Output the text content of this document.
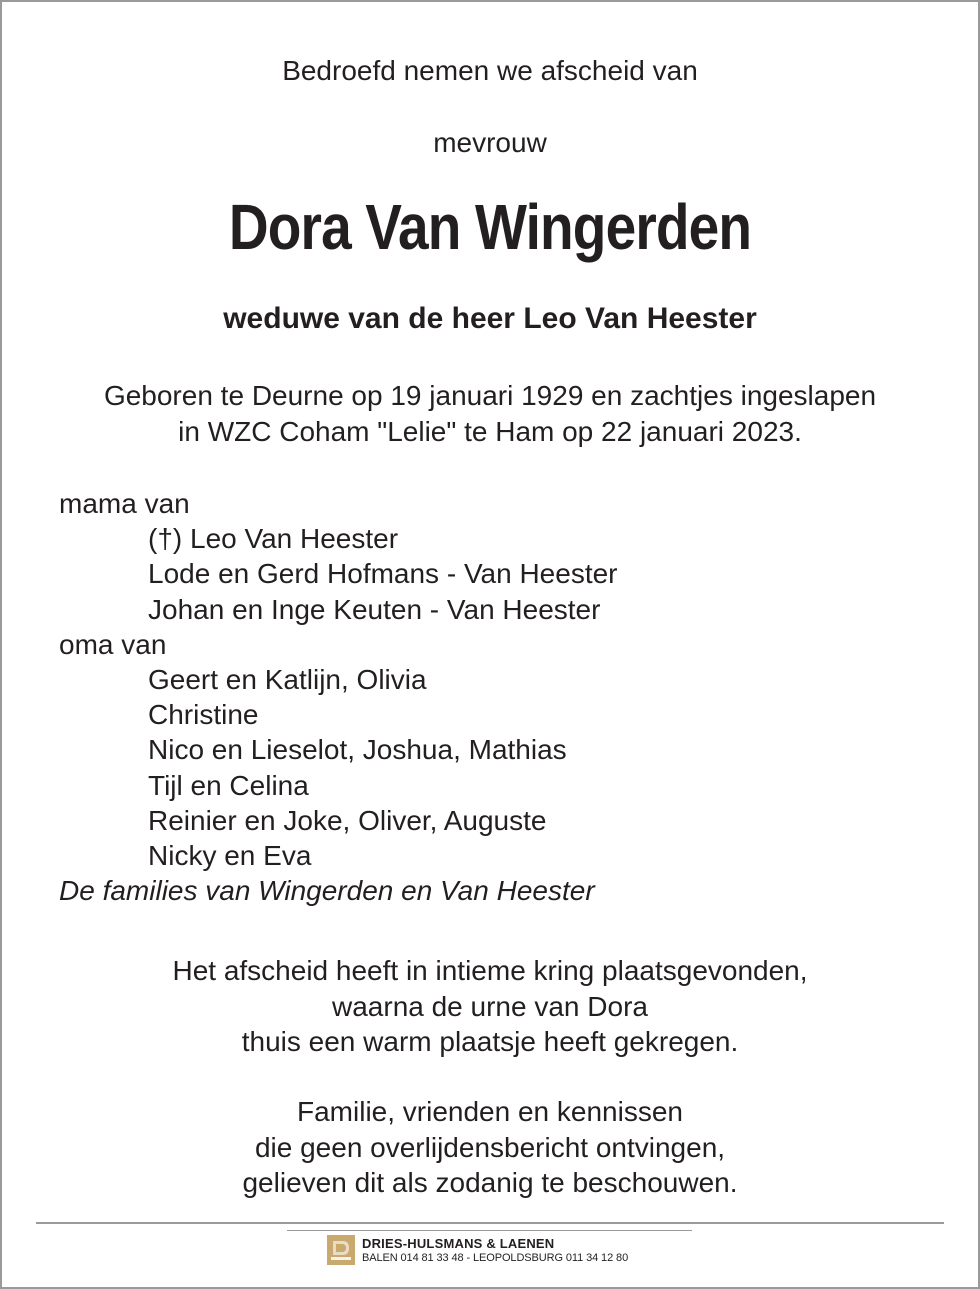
Bedroefd nemen we afscheid van
mevrouw
Dora Van Wingerden
weduwe van de heer Leo Van Heester
Geboren te Deurne op 19 januari 1929 en zachtjes ingeslapen
in WZC Coham "Lelie" te Ham op 22 januari 2023.
mama van
(†) Leo Van Heester
Lode en Gerd Hofmans - Van Heester
Johan en Inge Keuten - Van Heester
oma van
Geert en Katlijn, Olivia
Christine
Nico en Lieselot, Joshua, Mathias
Tijl en Celina
Reinier en Joke, Oliver, Auguste
Nicky en Eva
De families van Wingerden en Van Heester
Het afscheid heeft in intieme kring plaatsgevonden,
waarna de urne van Dora
thuis een warm plaatsje heeft gekregen.
Familie, vrienden en kennissen
die geen overlijdensbericht ontvingen,
gelieven dit als zodanig te beschouwen.
DRIES-HULSMANS & LAENEN
BALEN 014 81 33 48 - LEOPOLDSBURG 011 34 12 80
